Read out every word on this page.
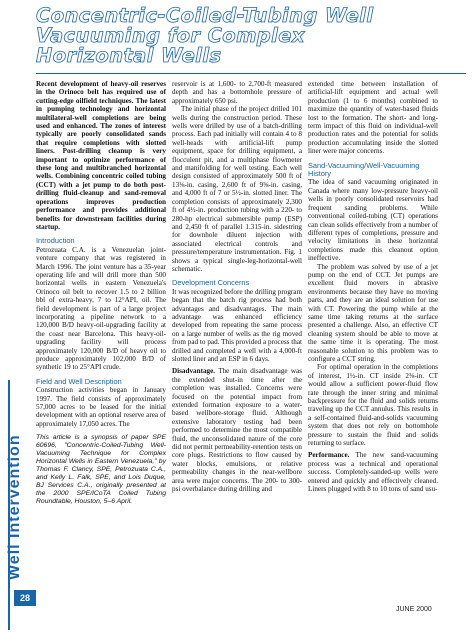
Well Intervention
Concentric-Coiled-Tubing Well
Vacuuming for Complex
Horizontal Wells

Recent development of heavy-oil reserves in the Orinoco belt has required use of cutting-edge oilfield techniques. The latest in pumping technology and horizontal multilateral-well completions are being used and enhanced. The zones of interest typically are poorly consolidated sands that require completions with slotted liners. Post-drilling cleanup is very important to optimize performance of these long and multibranched horizontal wells. Combining concentric coiled tubing (CCT) with a jet pump to do both post-drilling fluid-cleanup and sand-removal operations improves production performance and provides additional benefits for downstream facilities during startup.

Introduction

Petrozuata C.A. is a Venezuelan joint-venture company that was registered in March 1996. The joint venture has a 35-year operating life and will drill more than 500 horizontal wells in eastern Venezuela's Orinoco oil belt to recover 1.5 to 2 billion bbl of extra-heavy, 7 to 12°API, oil. The field development is part of a large project incorporating a pipeline network to a 120,000 B/D heavy-oil-upgrading facility at the coast near Barcelona. This heavy-oil-upgrading facility will process approximately 120,000 B/D of heavy oil to produce approximately 102,000 B/D of synthetic 19 to 25°API crude.

Field and Well Description

Construction activities began in January 1997. The field consists of approximately 57,000 acres to be leased for the initial development with an optional reserve area of approximately 17,050 acres. The

This article is a synopsis of paper SPE 60696, "Concentric-Coiled-Tubing Well-Vacuuming Technique for Complex Horizontal Wells in Eastern Venezuela," by Thomas F. Clancy, SPE, Petrozuata C.A., and Kelly L. Falk, SPE, and Lois Duque, BJ Services C.A., originally presented at the 2000 SPE/ICoTA Coiled Tubing Roundtable, Houston, 5–6 April.

reservoir is at 1,600- to 2,700-ft measured depth and has a bottomhole pressure of approximately 650 psi.

The initial phase of the project drilled 101 wells during the construction period. These wells were drilled by use of a batch-drilling process. Each pad initially will contain 4 to 8 well-heads with artificial-lift pump equipment, space for drilling equipment, a flocculent pit, and a multiphase flowmeter and manifolding for well testing. Each well design consisted of approximately 500 ft of 13⅜-in. casing, 2,600 ft of 9⅝-in. casing, and 4,000 ft of 7 or 5½-in. slotted liner. The completion consists of approximately 2,300 ft of 4½-in. production tubing with a 220- to 280-hp electrical submersible pump (ESP) and 2,450 ft of parallel 1.315-in. sidestring for downhole diluent injection with associated electrical controls and pressure/temperature instrumentation. Fig. 1 shows a typical single-leg-horizontal-well schematic.

Development Concerns

It was recognized before the drilling program began that the batch rig process had both advantages and disadvantages. The main advantage was enhanced efficiency developed from repeating the same process on a large number of wells as the rig moved from pad to pad. This provided a process that drilled and completed a well with a 4,000-ft slotted liner and an ESP in 6 days.

Disadvantage. The main disadvantage was the extended shut-in time after the completion was installed. Concerns were focused on the potential impact from extended formation exposure to a water-based wellbore-storage fluid. Although extensive laboratory testing had been performed to determine the most compatible fluid, the unconsolidated nature of the core did not permit permeability-retention tests on core plugs. Restrictions to flow caused by water blocks, emulsions, or relative permeability changes in the near-wellbore area were major concerns. The 200- to 300-psi overbalance during drilling and

extended time between installation of artificial-lift equipment and actual well production (1 to 6 months) combined to maximize the quantity of water-based fluids lost to the formation. The short- and long-term impact of this fluid on individual-well production rates and the potential for solids production accumulating inside the slotted liner were major concerns.

Sand-Vacuuming/Well-Vacuuming History

The idea of sand vacuuming originated in Canada where many low-pressure heavy-oil wells in poorly consolidated reservoirs had frequent sanding problems. While conventional coiled-tubing (CT) operations can clean solids effectively from a number of different types of completions, pressure and velocity limitations in these horizontal completions made this cleanout option ineffective.

The problem was solved by use of a jet pump on the end of CCT. Jet pumps are excellent fluid movers in abrasive environments because they have no moving parts, and they are an ideal solution for use with CT. Powering the pump while at the same time taking returns at the surface presented a challenge. Also, an effective CT cleaning system should be able to move at the same time it is operating. The most reasonable solution to this problem was to configure a CCT string.

For optimal operation in the completions of interest, 1½-in. CT inside 2⅜-in. CT would allow a sufficient power-fluid flow rate through the inner string and minimal backpressure for the fluid and solids returns traveling up the CCT annulus. This results in a self-contained fluid-and-solids vacuuming system that does not rely on bottomhole pressure to sustain the fluid and solids returning to surface.

Performance. The new sand-vacuuming process was a technical and operational success. Completely-sanded-up wells were entered and quickly and effectively cleaned. Liners plugged with 8 to 10 tons of sand usu-

28
JUNE 2000
